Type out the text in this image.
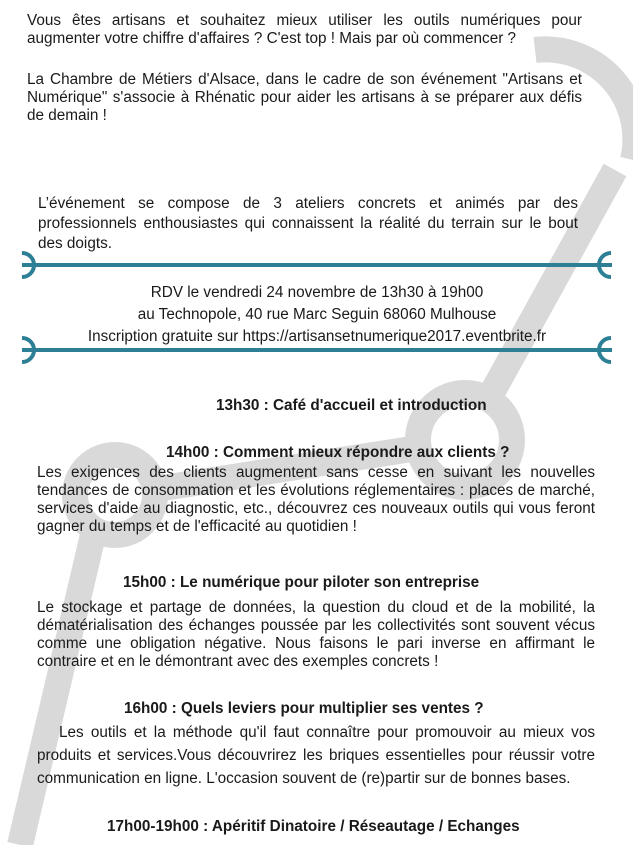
Vous êtes artisans et souhaitez mieux utiliser les outils numériques pour augmenter votre chiffre d'affaires ? C'est top ! Mais par où commencer ?
La Chambre de Métiers d'Alsace, dans le cadre de son événement "Artisans et Numérique" s'associe à Rhénatic pour aider les artisans à se préparer aux défis de demain !
L’événement se compose de 3 ateliers concrets et animés par des professionnels enthousiastes qui connaissent la réalité du terrain sur le bout des doigts.
RDV le vendredi 24 novembre de 13h30 à 19h00
au Technopole, 40 rue Marc Seguin 68060 Mulhouse
Inscription gratuite sur https://artisansetnumerique2017.eventbrite.fr
13h30 : Café d'accueil et introduction
14h00 : Comment mieux répondre aux clients ?
Les exigences des clients augmentent sans cesse en suivant les nouvelles tendances de consommation et les évolutions réglementaires : places de marché, services d'aide au diagnostic, etc., découvrez ces nouveaux outils qui vous feront gagner du temps et de l'efficacité au quotidien !
15h00 : Le numérique pour piloter son entreprise
Le stockage et partage de données, la question du cloud et de la mobilité, la dématérialisation des échanges poussée par les collectivités sont souvent vécus comme une obligation négative. Nous faisons le pari inverse en affirmant le contraire et en le démontrant avec des exemples concrets !
16h00 : Quels leviers pour multiplier ses ventes ?
Les outils et la méthode qu'il faut connaître pour promouvoir au mieux vos produits et services.Vous découvrirez les briques essentielles pour réussir votre communication en ligne. L'occasion souvent de (re)partir sur de bonnes bases.
17h00-19h00 : Apéritif Dinatoire / Réseautage / Echanges
